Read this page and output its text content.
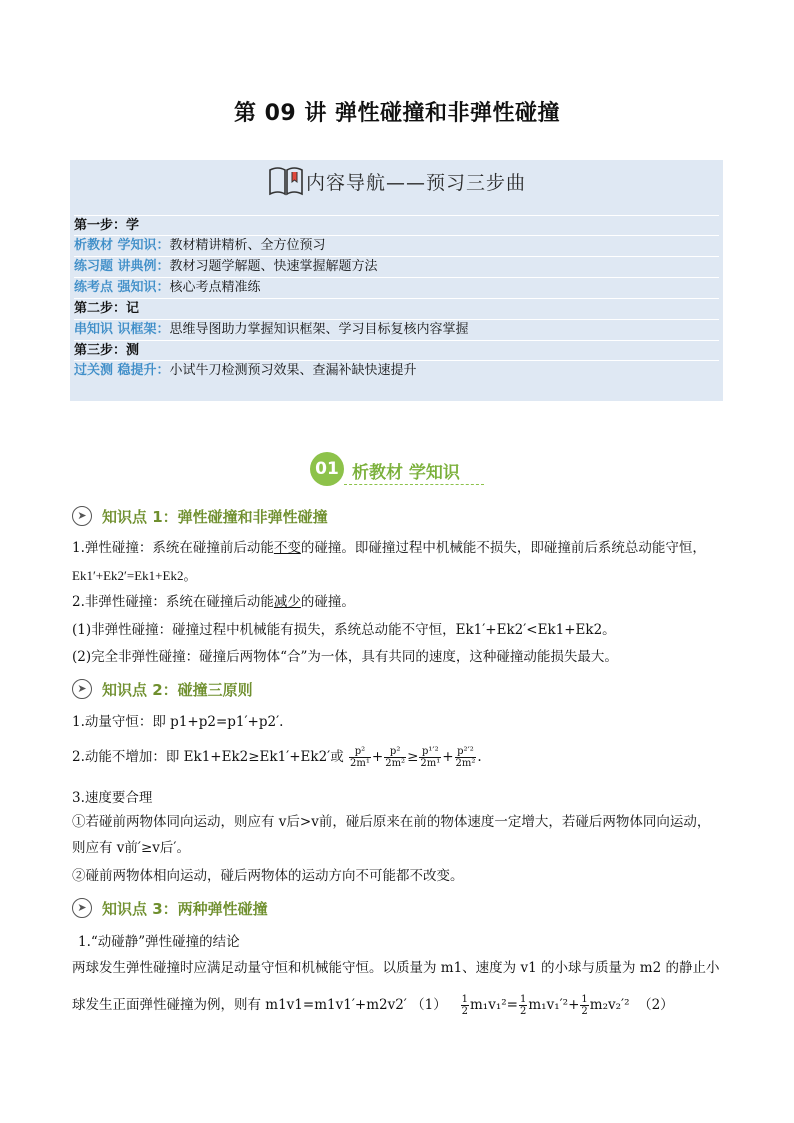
第 09 讲 弹性碰撞和非弹性碰撞
内容导航——预习三步曲
第一步：学
析教材 学知识：教材精讲精析、全方位预习
练习题 讲典例：教材习题学解题、快速掌握解题方法
练考点 强知识：核心考点精准练
第二步：记
串知识 识框架：思维导图助力掌握知识框架、学习目标复核内容掌握
第三步：测
过关测 稳提升：小试牛刀检测预习效果、查漏补缺快速提升
01 析教材 学知识
➤	知识点 1：弹性碰撞和非弹性碰撞
1.弹性碰撞：系统在碰撞前后动能不变的碰撞。即碰撞过程中机械能不损失，即碰撞前后系统总动能守恒，
Ek1′+Ek2′=Ek1+Ek2。
2.非弹性碰撞：系统在碰撞后动能减少的碰撞。
(1)非弹性碰撞：碰撞过程中机械能有损失，系统总动能不守恒，Ek1′+Ek2′<Ek1+Ek2。
(2)完全非弹性碰撞：碰撞后两物体“合”为一体，具有共同的速度，这种碰撞动能损失最大。
➤	知识点 2：碰撞三原则
1.动量守恒：即 p1+p2=p1′+p2′.
2.动能不增加：即 Ek1+Ek2≥Ek1′+Ek2′或 $\frac{\text{p²}}{\text{2m¹}} + \frac{\text{p²}}{\text{2m²}} \ge \frac{\text{p¹′²}}{\text{2m¹}} + \frac{\text{p²′²}}{\text{2m²}}$ .
3.速度要合理
①若碰前两物体同向运动，则应有 v后>v前，碰后原来在前的物体速度一定增大，若碰后两物体同向运动，
则应有 v前′≥v后′。
②碰前两物体相向运动，碰后两物体的运动方向不可能都不改变。
➤	知识点 3：两种弹性碰撞
1.“动碰静”弹性碰撞的结论
两球发生弹性碰撞时应满足动量守恒和机械能守恒。以质量为 m1、速度为 v1 的小球与质量为 m2 的静止小
球发生正面弹性碰撞为例，则有 m1v1=m1v1′+m2v2′ $(1) \frac{1}{2} m_1v_1^2= \frac{1}{2} m_1v_1'^2+ \frac{1}{2} m_2v_2'^2$  （2）
